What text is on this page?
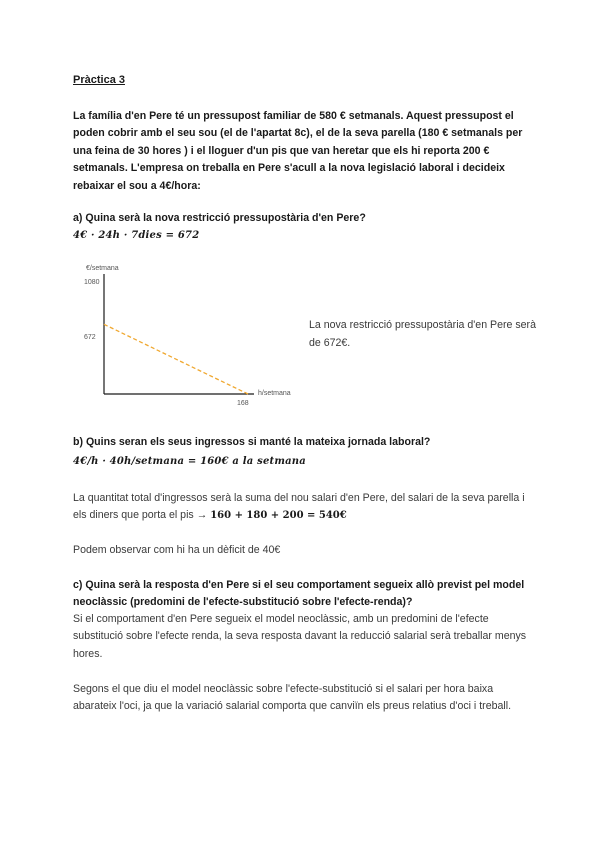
Pràctica 3
La família d'en Pere té un pressupost familiar de 580 € setmanals. Aquest pressupost el poden cobrir amb el seu sou (el de l'apartat 8c), el de la seva parella (180 € setmanals per una feina de 30 hores ) i el lloguer d'un pis que van heretar que els hi reporta 200 € setmanals. L'empresa on treballa en Pere s'acull a la nova legislació laboral i decideix rebaixar el sou a 4€/hora:
a) Quina serà la nova restricció pressupostària d'en Pere?
4€ · 24h · 7dies = 672
€/setmana
1080
672
h/setmana
168
La nova restricció pressupostària d'en Pere serà de 672€.
b) Quins seran els seus ingressos si manté la mateixa jornada laboral?
4€/h · 40h/setmana = 160€ a la setmana
La quantitat total d'ingressos serà la suma del nou salari d'en Pere, del salari de la seva parella i els diners que porta el pis → 160 + 180 + 200 = 540€
Podem observar com hi ha un dèficit de 40€
c) Quina serà la resposta d'en Pere si el seu comportament segueix allò previst pel model neoclàssic (predomini de l'efecte-substitució sobre l'efecte-renda)?
Si el comportament d'en Pere segueix el model neoclàssic, amb un predomini de l'efecte substitució sobre l'efecte renda, la seva resposta davant la reducció salarial serà treballar menys hores.
Segons el que diu el model neoclàssic sobre l'efecte-substitució si el salari per hora baixa abarateix l'oci, ja que la variació salarial comporta que canviïn els preus relatius d'oci i treball.
